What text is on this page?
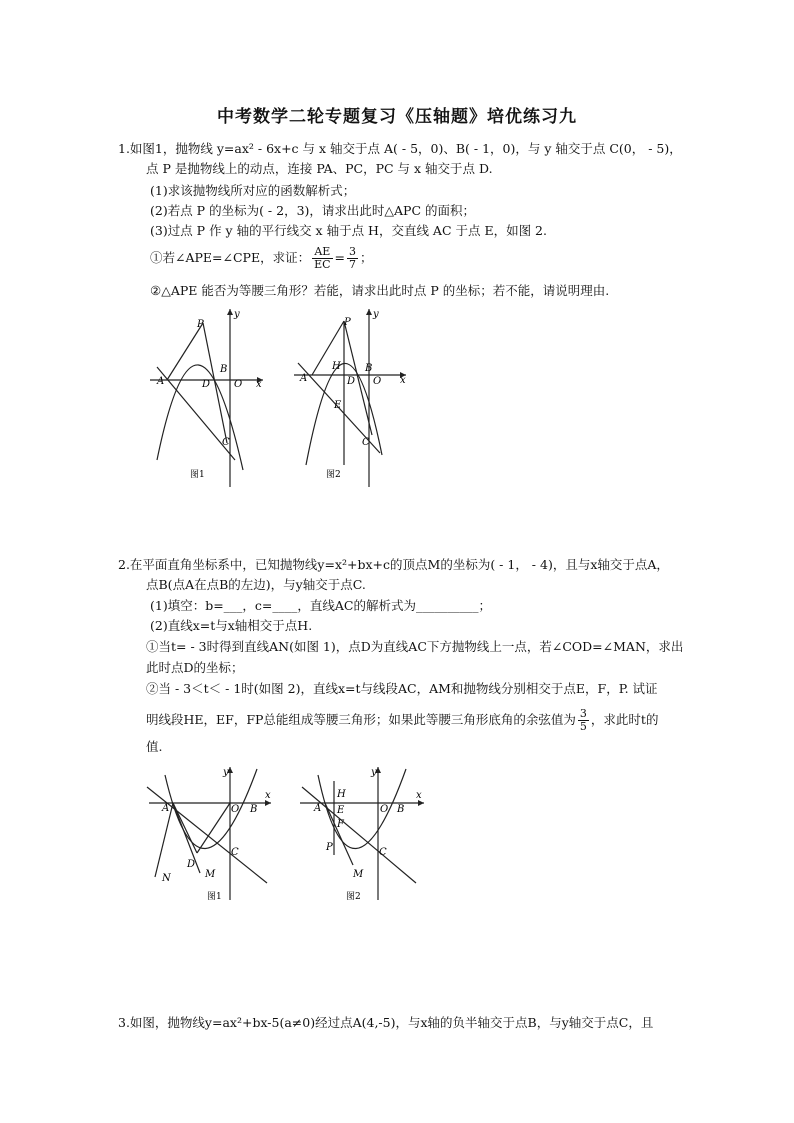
中考数学二轮专题复习《压轴题》培优练习九
1.如图1，抛物线 y=ax² - 6x+c 与 x 轴交于点 A( - 5，0)、B( - 1，0)，与 y 轴交于点 C(0， - 5)，
点 P 是抛物线上的动点，连接 PA、PC，PC 与 x 轴交于点 D.
(1)求该抛物线所对应的函数解析式；
(2)若点 P 的坐标为( - 2，3)，请求出此时△APC 的面积；
(3)过点 P 作 y 轴的平行线交 x 轴于点 H，交直线 AC 于点 E，如图 2.
①若∠APE=∠CPE，求证： $\frac{AE}{EC} = \frac{3}{7}$ ；
②△APE 能否为等腰三角形？若能，请求出此时点 P 的坐标；若不能，请说明理由.
A
P
B
D O x
y
C
图1
A
P
H B
D O
E
x
y
C
图2
2.在平面直角坐标系中，已知抛物线y=x²+bx+c的顶点M的坐标为( - 1， - 4)，且与x轴交于点A，
点B(点A在点B的左边)，与y轴交于点C.
(1)填空：b=___，c=____，直线AC的解析式为__________；
(2)直线x=t与x轴相交于点H.
①当t= - 3时得到直线AN(如图 1)，点D为直线AC下方抛物线上一点，若∠COD=∠MAN，求出
此时点D的坐标；
②当 - 3＜t＜ - 1时(如图 2)，直线x=t与线段AC，AM和抛物线分别相交于点E，F，P. 试证
明线段HE，EF，FP总能组成等腰三角形；如果此等腰三角形底角的余弦值为 $\frac{3}{5}$ ，求此时t的
值.
A	O B
x
y
D
M
C
N
图1
A
H
E
F
O B
x
y
P
M
C
图2
3.如图，抛物线y=ax²+bx-5(a≠0)经过点A(4,-5)，与x轴的负半轴交于点B，与y轴交于点C，且
